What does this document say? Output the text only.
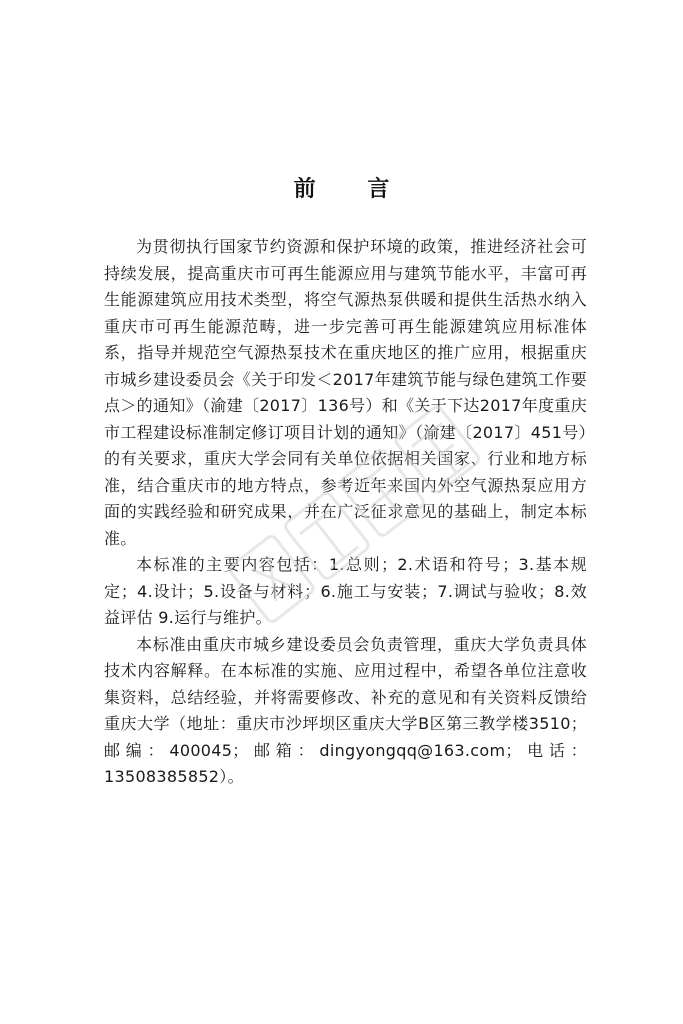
前 言

为贯彻执行国家节约资源和保护环境的政策，推进经济社会可持续发展，提高重庆市可再生能源应用与建筑节能水平，丰富可再生能源建筑应用技术类型，将空气源热泵供暖和提供生活热水纳入重庆市可再生能源范畴，进一步完善可再生能源建筑应用标准体系，指导并规范空气源热泵技术在重庆地区的推广应用，根据重庆市城乡建设委员会《关于印发＜2017年建筑节能与绿色建筑工作要点＞的通知》（渝建〔2017〕136号）和《关于下达2017年度重庆市工程建设标准制定修订项目计划的通知》（渝建〔2017〕451号）的有关要求，重庆大学会同有关单位依据相关国家、行业和地方标准，结合重庆市的地方特点，参考近年来国内外空气源热泵应用方面的实践经验和研究成果，并在广泛征求意见的基础上，制定本标准。

本标准的主要内容包括：1.总则；2.术语和符号；3.基本规定；4.设计；5.设备与材料；6.施工与安装；7.调试与验收；8.效益评估 9.运行与维护。

本标准由重庆市城乡建设委员会负责管理，重庆大学负责具体技术内容解释。在本标准的实施、应用过程中，希望各单位注意收集资料，总结经验，并将需要修改、补充的意见和有关资料反馈给重庆大学（地址：重庆市沙坪坝区重庆大学B区第三教学楼3510；邮编：400045；邮箱：dingyongqq@163.com；电话：13508385852）。
